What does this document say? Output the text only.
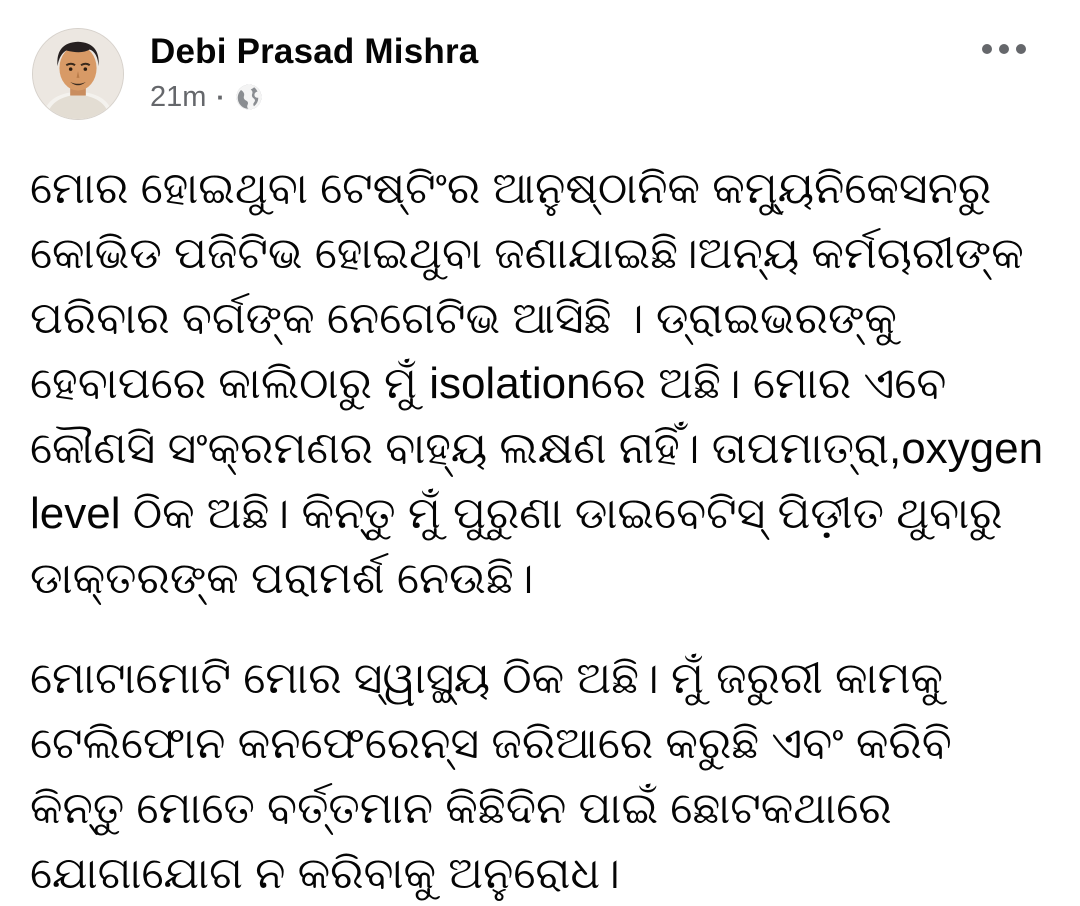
Debi Prasad Mishra
21m ·

ମୋର ହୋଇଥୁବା ଟେଷ୍ଟିଂର ଆନୁଷ୍ଠାନିକ କମ୍ୟୁନିକେସନରୁ କୋଭିଡ ପଜିଟିଭ ହୋଇଥୁବା ଜଣାଯାଇଛି।ଅନ୍ୟ କର୍ମଚାରୀଙ୍କ ପରିବାର ବର୍ଗଙ୍କ ନେଗେଟିଭ ଆସିଛି । ଡ୍ରାଇଭରଙ୍କୁ ହେବାପରେ କାଲିଠାରୁ ମୁଁ isolationରେ ଅଛି। ମୋର ଏବେ କୌଣସି ସଂକ୍ରମଣର ବାହ୍ୟ ଲକ୍ଷଣ ନାହିଁ। ତାପମାତ୍ରା,oxygen level ଠିକ ଅଛି। କିନ୍ତୁ ମୁଁ ପୁରୁଣା ଡାଇବେଟିସ୍ ପିଡ଼ୀତ ଥୁବାରୁ ଡାକ୍ତରଙ୍କ ପରାମର୍ଶ ନେଉଛି।

ମୋଟାମୋଟି ମୋର ସ୍ୱାସ୍ଥ୍ୟ ଠିକ ଅଛି। ମୁଁ ଜରୁରୀ କାମକୁ ଟେଲିଫୋନ କନଫେରେନ୍ସ ଜରିଆରେ କରୁଛି ଏବଂ କରିବି କିନ୍ତୁ ମୋତେ ବର୍ତ୍ତମାନ କିଛିଦିନ ପାଇଁ ଛୋଟକଥାରେ ଯୋଗାଯୋଗ ନ କରିବାକୁ ଅନୁରୋଧ।
